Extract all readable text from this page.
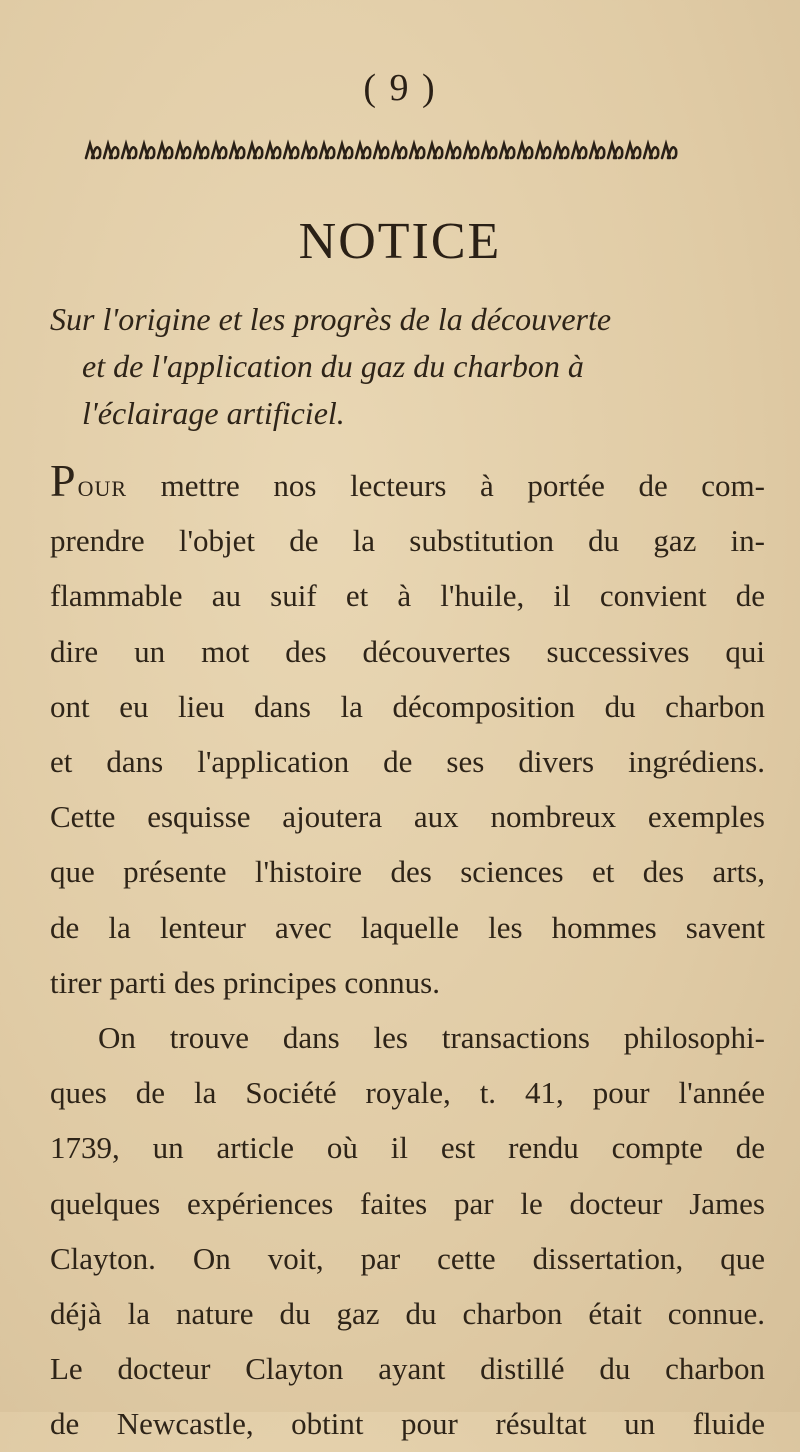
( 9 )
NOTICE
Sur l'origine et les progrès de la découverte
et de l'application du gaz du charbon à
l'éclairage artificiel.
Pour mettre nos lecteurs à portée de com-
prendre l'objet de la substitution du gaz in-
flammable au suif et à l'huile, il convient de
dire un mot des découvertes successives qui
ont eu lieu dans la décomposition du charbon
et dans l'application de ses divers ingrédiens.
Cette esquisse ajoutera aux nombreux exemples
que présente l'histoire des sciences et des arts,
de la lenteur avec laquelle les hommes savent
tirer parti des principes connus.
On trouve dans les transactions philosophi-
ques de la Société royale, t. 41, pour l'année
1739, un article où il est rendu compte de
quelques expériences faites par le docteur James
Clayton. On voit, par cette dissertation, que
déjà la nature du gaz du charbon était connue.
Le docteur Clayton ayant distillé du charbon
de Newcastle, obtint pour résultat un fluide
